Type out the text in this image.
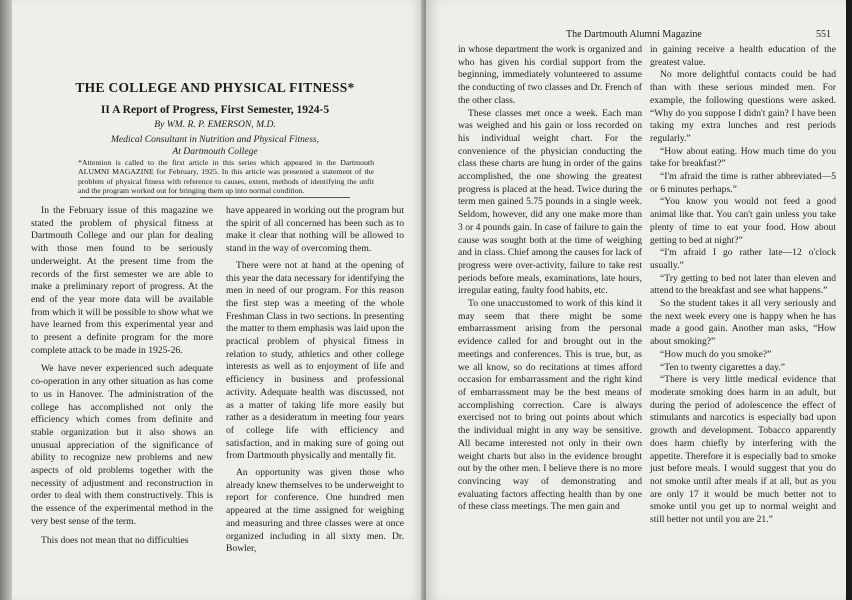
THE COLLEGE AND PHYSICAL FITNESS*
II A Report of Progress, First Semester, 1924-5
By WM. R. P. EMERSON, M.D.
Medical Consultant in Nutrition and Physical Fitness,
At Dartmouth College

*Attention is called to the first article in this series which appeared in the Dartmouth ALUMNI MAGAZINE for February, 1925. In this article was presented a statement of the problem of physical fitness with reference to causes, extent, methods of identifying the unfit and the program worked out for bringing them up into normal condition.

In the February issue of this magazine we stated the problem of physical fitness at Dartmouth College and our plan for dealing with those men found to be seriously underweight. At the present time from the records of the first semester we are able to make a preliminary report of progress. At the end of the year more data will be available from which it will be possible to show what we have learned from this experimental year and to present a definite program for the more complete attack to be made in 1925-26.

We have never experienced such adequate co-operation in any other situation as has come to us in Hanover. The administration of the college has accomplished not only the efficiency which comes from definite and stable organization but it also shows an unusual appreciation of the significance of ability to recognize new problems and new aspects of old problems together with the necessity of adjustment and reconstruction in order to deal with them constructively. This is the essence of the experimental method in the very best sense of the term.

This does not mean that no difficulties

have appeared in working out the program but the spirit of all concerned has been such as to make it clear that nothing will be allowed to stand in the way of overcoming them.

There were not at hand at the opening of this year the data necessary for identifying the men in need of our program. For this reason the first step was a meeting of the whole Freshman Class in two sections. In presenting the matter to them emphasis was laid upon the practical problem of physical fitness in relation to study, athletics and other college interests as well as to enjoyment of life and efficiency in business and professional activity. Adequate health was discussed, not as a matter of taking life more easily but rather as a desideratum in meeting four years of college life with efficiency and satisfaction, and in making sure of going out from Dartmouth physically and mentally fit.

An opportunity was given those who already knew themselves to be underweight to report for conference. One hundred men appeared at the time assigned for weighing and measuring and three classes were at once organized including in all sixty men. Dr. Bowler,

The Dartmouth Alumni Magazine	551

in whose department the work is organized and who has given his cordial support from the beginning, immediately volunteered to assume the conducting of two classes and Dr. French of the other class.

These classes met once a week. Each man was weighed and his gain or loss recorded on his individual weight chart. For the convenience of the physician conducting the class these charts are hung in order of the gains accomplished, the one showing the greatest progress is placed at the head. Twice during the term men gained 5.75 pounds in a single week. Seldom, however, did any one make more than 3 or 4 pounds gain. In case of failure to gain the cause was sought both at the time of weighing and in class. Chief among the causes for lack of progress were over-activity, failure to take rest periods before meals, examinations, late hours, irregular eating, faulty food habits, etc.

To one unaccustomed to work of this kind it may seem that there might be some embarrassment arising from the personal evidence called for and brought out in the meetings and conferences. This is true, but, as we all know, so do recitations at times afford occasion for embarrassment and the right kind of embarrassment may be the best means of accomplishing correction. Care is always exercised not to bring out points about which the individual might in any way be sensitive. All became interested not only in their own weight charts but also in the evidence brought out by the other men. I believe there is no more convincing way of demonstrating and evaluating factors affecting health than by one of these class meetings. The men gain and

in gaining receive a health education of the greatest value.

No more delightful contacts could be had than with these serious minded men. For example, the following questions were asked. “Why do you suppose I didn't gain? I have been taking my extra lunches and rest periods regularly.”

“How about eating. How much time do you take for breakfast?”

“I'm afraid the time is rather abbreviated—5 or 6 minutes perhaps.”

“You know you would not feed a good animal like that. You can't gain unless you take plenty of time to eat your food. How about getting to bed at night?”

“I'm afraid I go rather late—12 o'clock usually.”

“Try getting to bed not later than eleven and attend to the breakfast and see what happens.”

So the student takes it all very seriously and the next week every one is happy when he has made a good gain. Another man asks, “How about smoking?”

“How much do you smoke?”

“Ten to twenty cigarettes a day.”

“There is very little medical evidence that moderate smoking does harm in an adult, but during the period of adolescence the effect of stimulants and narcotics is especially bad upon growth and development. Tobacco apparently does harm chiefly by interfering with the appetite. Therefore it is especially bad to smoke just before meals. I would suggest that you do not smoke until after meals if at all, but as you are only 17 it would be much better not to smoke until you get up to normal weight and still better not until you are 21.”
